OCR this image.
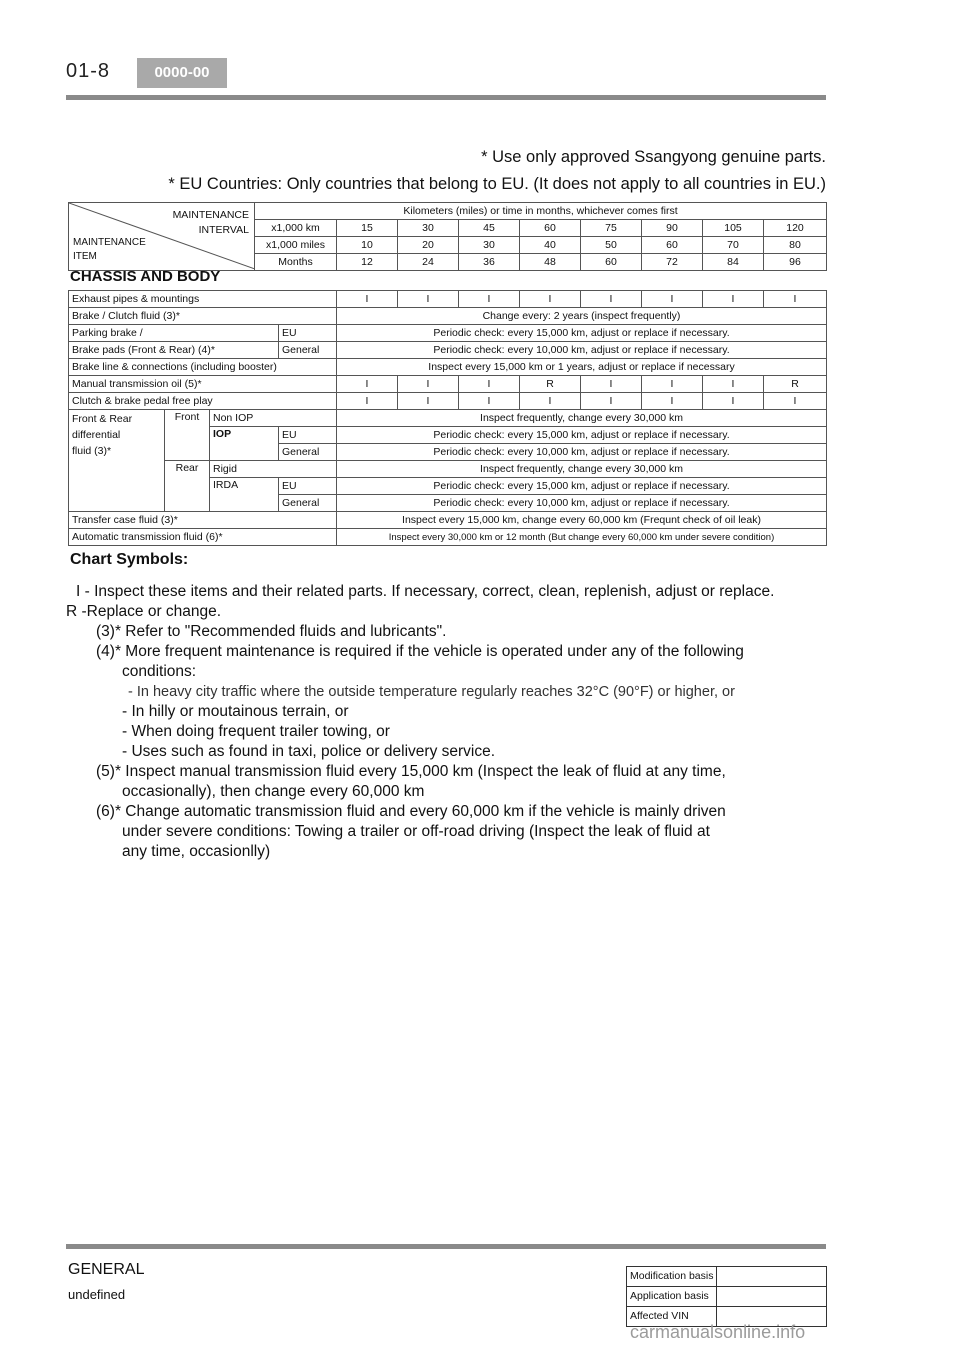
01-8	0000-00
* Use only approved Ssangyong genuine parts.
* EU Countries: Only countries that belong to EU. (It does not apply to all countries in EU.)
MAINTENANCE
INTERVAL
MAINTENANCE
ITEM	Kilometers (miles) or time in months, whichever comes first								
	x1,000 km	15	30	45	60	75	90	105	120
	x1,000 miles	10	20	30	40	50	60	70	80
	Months	12	24	36	48	60	72	84	96
CHASSIS AND BODY
Exhaust pipes & mountings				I	I	I	I	I	I	I	I
Brake / Clutch fluid (3)*				Change every: 2 years (inspect frequently)							
Parking brake /			EU	Periodic check: every 15,000 km, adjust or replace if necessary.							
Brake pads (Front & Rear) (4)*			General	Periodic check: every 10,000 km, adjust or replace if necessary.							
Brake line & connections (including booster)				Inspect every 15,000 km or 1 years, adjust or replace if necessary							
Manual transmission oil (5)*				I	I	I	R	I	I	I	R
Clutch & brake pedal free play				I	I	I	I	I	I	I	I

Front & Rear
differential
fluid (3)*	Front	Non IOP		Inspect frequently, change every 30,000 km							
		IOP	EU	Periodic check: every 15,000 km, adjust or replace if necessary.							
			General	Periodic check: every 10,000 km, adjust or replace if necessary.							
	Rear	Rigid		Inspect frequently, change every 30,000 km							
		IRDA	EU	Periodic check: every 15,000 km, adjust or replace if necessary.							
			General	Periodic check: every 10,000 km, adjust or replace if necessary.							
Transfer case fluid (3)*				Inspect every 15,000 km, change every 60,000 km (Frequnt check of oil leak)							
Automatic transmission fluid (6)*				Inspect every 30,000 km or 12 month (But change every 60,000 km under severe condition)							
Chart Symbols:
I - Inspect these items and their related parts. If necessary, correct, clean, replenish, adjust or replace.
R -Replace or change.
(3)* Refer to "Recommended fluids and lubricants".
(4)* More frequent maintenance is required if the vehicle is operated under any of the following
conditions:
- In heavy city traffic where the outside temperature regularly reaches 32°C (90°F) or higher, or
- In hilly or moutainous terrain, or
- When doing frequent trailer towing, or
- Uses such as found in taxi, police or delivery service.
(5)* Inspect manual transmission fluid every 15,000 km (Inspect the leak of fluid at any time,
occasionally), then change every 60,000 km
(6)* Change automatic transmission fluid and every 60,000 km if the vehicle is mainly driven
under severe conditions: Towing a trailer or off-road driving (Inspect the leak of fluid at
any time, occasionlly)
GENERAL
undefined
Modification basis	
Application basis	
Affected VIN	
carmanualsonline.info
